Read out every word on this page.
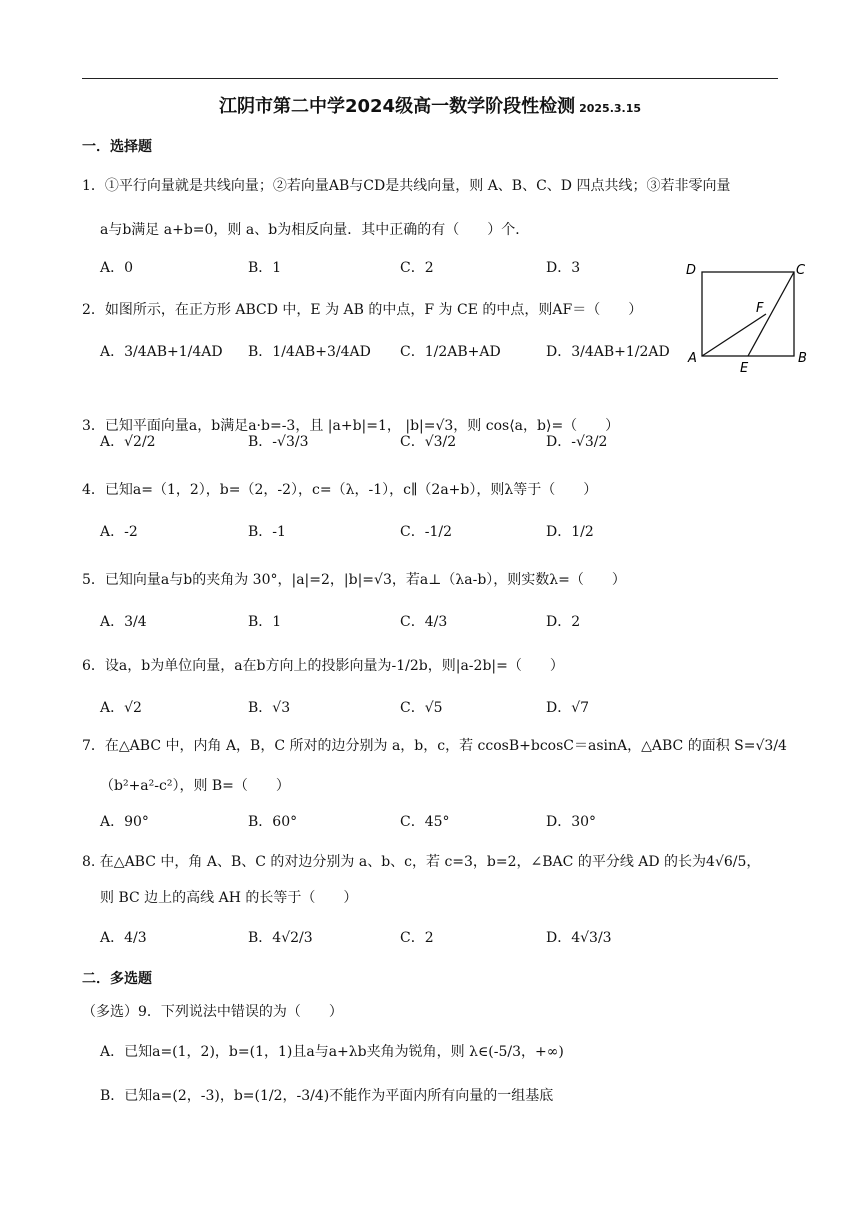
江阴市第二中学2024级高一数学阶段性检测 2025.3.15
一．选择题
1．①平行向量就是共线向量；②若向量AB与CD是共线向量，则 A、B、C、D 四点共线；③若非零向量
a与b满足 a+b=0，则 a、b为相反向量．其中正确的有（　　）个．
A．0	B．1	C．2	D．3	D	C
F
A
E
B
2．如图所示，在正方形 ABCD 中，E 为 AB 的中点，F 为 CE 的中点，则AF＝（　　）
A．3/4AB+1/4AD B．1/4AB+3/4AD C．1/2AB+AD	D．3/4AB+1/2AD
3．已知平面向量a，b满足a·b=-3，且 |a+b|=1， |b|=√3，则 cos⟨a，b⟩=（　　）
A．√2/2	B．-√3/3	C．√3/2	D．-√3/2
4．已知a=（1，2），b=（2，-2），c=（λ，-1），c∥（2a+b），则λ等于（　　）
A．-2	B．-1	C．-1/2	D．1/2
5．已知向量a与b的夹角为 30°，|a|=2，|b|=√3，若a⊥（λa-b），则实数λ=（　　）
A．3/4	B．1	C．4/3	D．2
6．设a，b为单位向量，a在b方向上的投影向量为-1/2b，则|a-2b|=（　　）
A．√2	B．√3	C．√5	D．√7
7．在△ABC 中，内角 A，B，C 所对的边分别为 a，b，c，若 ccosB+bcosC＝asinA，△ABC 的面积 S=√3/4
（b²+a²-c²），则 B=（　　）
A．90°	B．60°	C．45°	D．30°
8. 在△ABC 中，角 A、B、C 的对边分别为 a、b、c，若 c=3，b=2，∠BAC 的平分线 AD 的长为4√6/5，
则 BC 边上的高线 AH 的长等于（　　）
A．4/3	B．4√2/3	C．2	D．4√3/3
二．多选题
（多选）9．下列说法中错误的为（　　）
A．已知a=(1，2)，b=(1，1)且a与a+λb夹角为锐角，则 λ∈(-5/3，+∞)
B．已知a=(2，-3)，b=(1/2，-3/4)不能作为平面内所有向量的一组基底
